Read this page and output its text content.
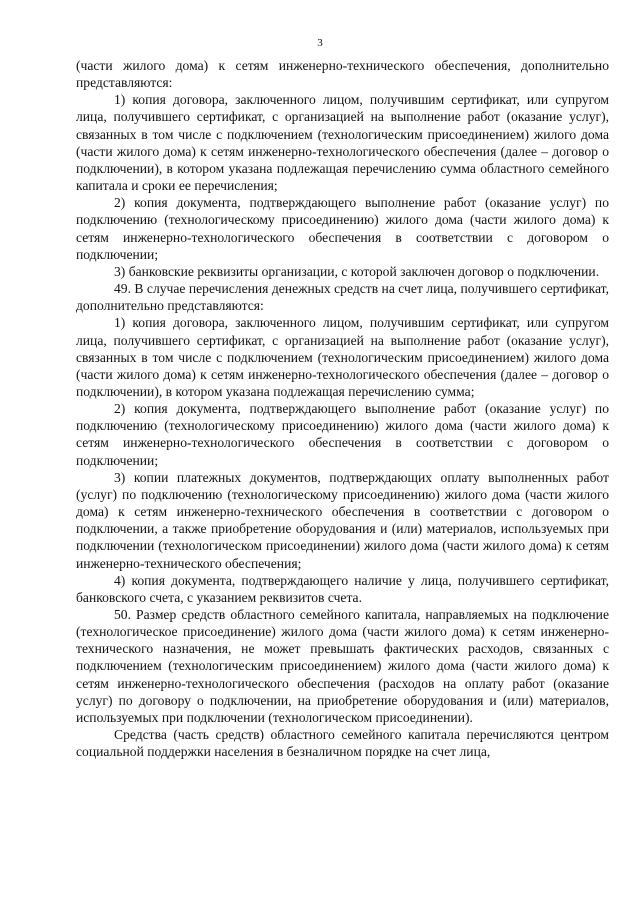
3

(части жилого дома) к сетям инженерно-технического обеспечения, дополнительно представляются:

1) копия договора, заключенного лицом, получившим сертификат, или супругом лица, получившего сертификат, с организацией на выполнение работ (оказание услуг), связанных в том числе с подключением (технологическим присоединением) жилого дома (части жилого дома) к сетям инженерно-технологического обеспечения (далее – договор о подключении), в котором указана подлежащая перечислению сумма областного семейного капитала и сроки ее перечисления;

2) копия документа, подтверждающего выполнение работ (оказание услуг) по подключению (технологическому присоединению) жилого дома (части жилого дома) к сетям инженерно-технологического обеспечения в соответствии с договором о подключении;

3) банковские реквизиты организации, с которой заключен договор о подключении.

49. В случае перечисления денежных средств на счет лица, получившего сертификат, дополнительно представляются:

1) копия договора, заключенного лицом, получившим сертификат, или супругом лица, получившего сертификат, с организацией на выполнение работ (оказание услуг), связанных в том числе с подключением (технологическим присоединением) жилого дома (части жилого дома) к сетям инженерно-технологического обеспечения (далее – договор о подключении), в котором указана подлежащая перечислению сумма;

2) копия документа, подтверждающего выполнение работ (оказание услуг) по подключению (технологическому присоединению) жилого дома (части жилого дома) к сетям инженерно-технологического обеспечения в соответствии с договором о подключении;

3) копии платежных документов, подтверждающих оплату выполненных работ (услуг) по подключению (технологическому присоединению) жилого дома (части жилого дома) к сетям инженерно-технического обеспечения в соответствии с договором о подключении, а также приобретение оборудования и (или) материалов, используемых при подключении (технологическом присоединении) жилого дома (части жилого дома) к сетям инженерно-технического обеспечения;

4) копия документа, подтверждающего наличие у лица, получившего сертификат, банковского счета, с указанием реквизитов счета.

50. Размер средств областного семейного капитала, направляемых на подключение (технологическое присоединение) жилого дома (части жилого дома) к сетям инженерно-технического назначения, не может превышать фактических расходов, связанных с подключением (технологическим присоединением) жилого дома (части жилого дома) к сетям инженерно-технологического обеспечения (расходов на оплату работ (оказание услуг) по договору о подключении, на приобретение оборудования и (или) материалов, используемых при подключении (технологическом присоединении).

Средства (часть средств) областного семейного капитала перечисляются центром социальной поддержки населения в безналичном порядке на счет лица,
